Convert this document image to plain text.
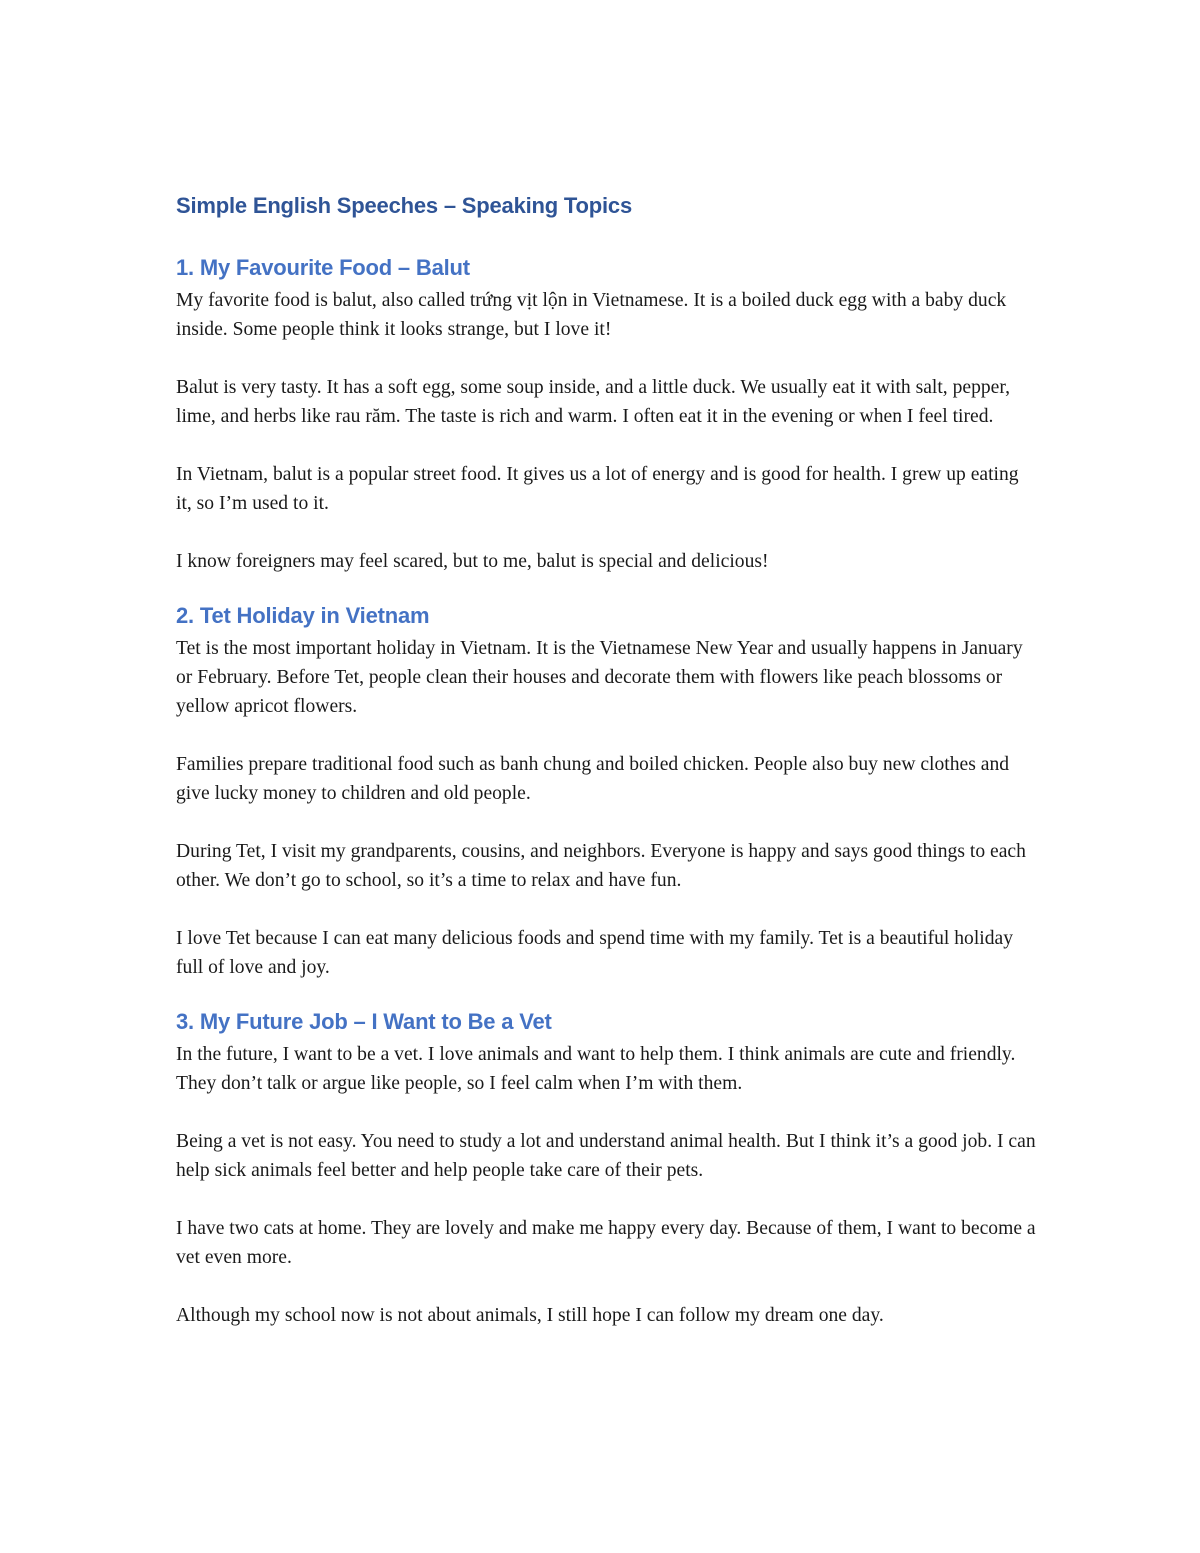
Simple English Speeches – Speaking Topics
1. My Favourite Food – Balut

My favorite food is balut, also called trứng vịt lộn in Vietnamese. It is a boiled duck egg with a baby duck inside. Some people think it looks strange, but I love it!

Balut is very tasty. It has a soft egg, some soup inside, and a little duck. We usually eat it with salt, pepper, lime, and herbs like rau răm. The taste is rich and warm. I often eat it in the evening or when I feel tired.

In Vietnam, balut is a popular street food. It gives us a lot of energy and is good for health. I grew up eating it, so I’m used to it.

I know foreigners may feel scared, but to me, balut is special and delicious!

2. Tet Holiday in Vietnam

Tet is the most important holiday in Vietnam. It is the Vietnamese New Year and usually happens in January or February. Before Tet, people clean their houses and decorate them with flowers like peach blossoms or yellow apricot flowers.

Families prepare traditional food such as banh chung and boiled chicken. People also buy new clothes and give lucky money to children and old people.

During Tet, I visit my grandparents, cousins, and neighbors. Everyone is happy and says good things to each other. We don’t go to school, so it’s a time to relax and have fun.

I love Tet because I can eat many delicious foods and spend time with my family. Tet is a beautiful holiday full of love and joy.

3. My Future Job – I Want to Be a Vet

In the future, I want to be a vet. I love animals and want to help them. I think animals are cute and friendly. They don’t talk or argue like people, so I feel calm when I’m with them.

Being a vet is not easy. You need to study a lot and understand animal health. But I think it’s a good job. I can help sick animals feel better and help people take care of their pets.

I have two cats at home. They are lovely and make me happy every day. Because of them, I want to become a vet even more.

Although my school now is not about animals, I still hope I can follow my dream one day.
